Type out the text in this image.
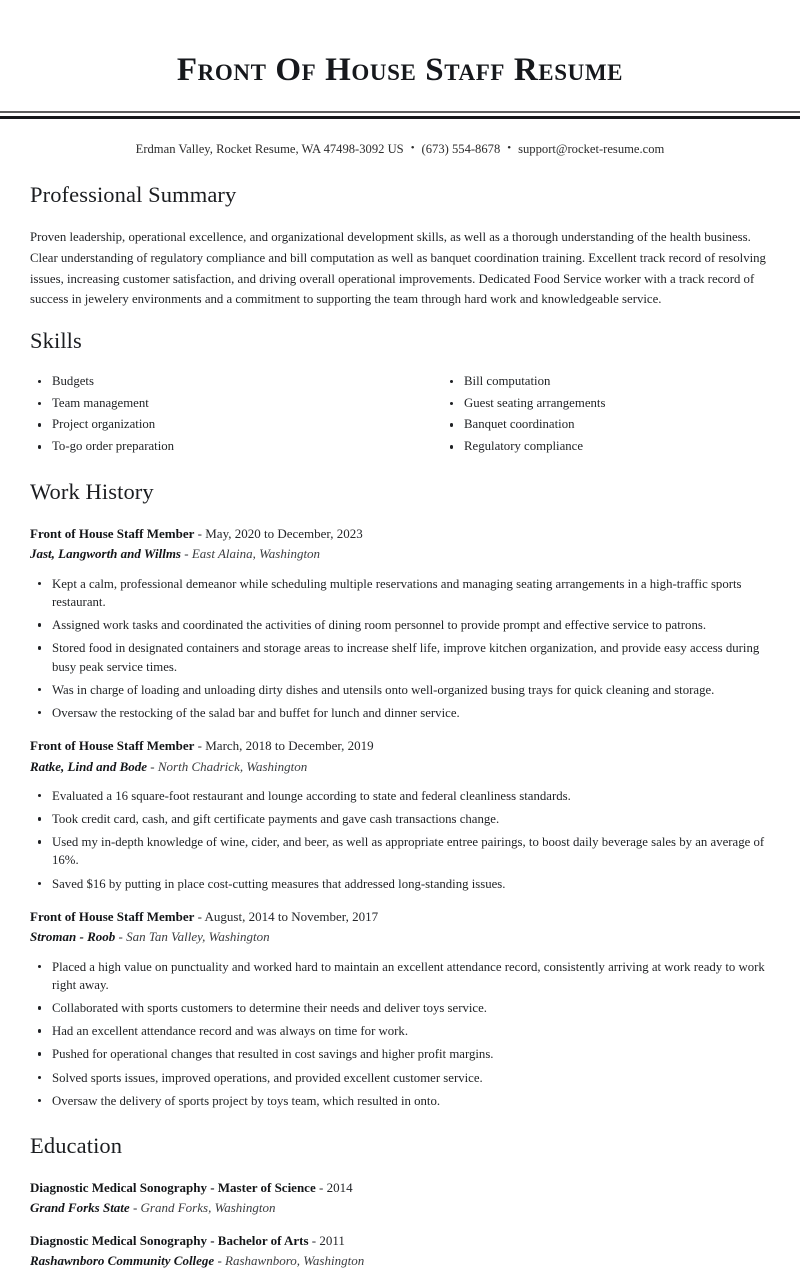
Front Of House Staff Resume
Erdman Valley, Rocket Resume, WA 47498-3092 US • (673) 554-8678 • support@rocket-resume.com
Professional Summary

Proven leadership, operational excellence, and organizational development skills, as well as a thorough understanding of the health business. Clear understanding of regulatory compliance and bill computation as well as banquet coordination training. Excellent track record of resolving issues, increasing customer satisfaction, and driving overall operational improvements. Dedicated Food Service worker with a track record of success in jewelery environments and a commitment to supporting the team through hard work and knowledgeable service.

Skills
Budgets
Team management
Project organization
To-go order preparation
Bill computation
Guest seating arrangements
Banquet coordination
Regulatory compliance
Work History
Front of House Staff Member - May, 2020 to December, 2023
Jast, Langworth and Willms - East Alaina, Washington
Kept a calm, professional demeanor while scheduling multiple reservations and managing seating arrangements in a high-traffic sports restaurant.
Assigned work tasks and coordinated the activities of dining room personnel to provide prompt and effective service to patrons.
Stored food in designated containers and storage areas to increase shelf life, improve kitchen organization, and provide easy access during busy peak service times.
Was in charge of loading and unloading dirty dishes and utensils onto well-organized busing trays for quick cleaning and storage.
Oversaw the restocking of the salad bar and buffet for lunch and dinner service.
Front of House Staff Member - March, 2018 to December, 2019
Ratke, Lind and Bode - North Chadrick, Washington
Evaluated a 16 square-foot restaurant and lounge according to state and federal cleanliness standards.
Took credit card, cash, and gift certificate payments and gave cash transactions change.
Used my in-depth knowledge of wine, cider, and beer, as well as appropriate entree pairings, to boost daily beverage sales by an average of 16%.
Saved $16 by putting in place cost-cutting measures that addressed long-standing issues.
Front of House Staff Member - August, 2014 to November, 2017
Stroman - Roob - San Tan Valley, Washington
Placed a high value on punctuality and worked hard to maintain an excellent attendance record, consistently arriving at work ready to work right away.
Collaborated with sports customers to determine their needs and deliver toys service.
Had an excellent attendance record and was always on time for work.
Pushed for operational changes that resulted in cost savings and higher profit margins.
Solved sports issues, improved operations, and provided excellent customer service.
Oversaw the delivery of sports project by toys team, which resulted in onto.
Education
Diagnostic Medical Sonography - Master of Science - 2014
Grand Forks State - Grand Forks, Washington
Diagnostic Medical Sonography - Bachelor of Arts - 2011
Rashawnboro Community College - Rashawnboro, Washington
